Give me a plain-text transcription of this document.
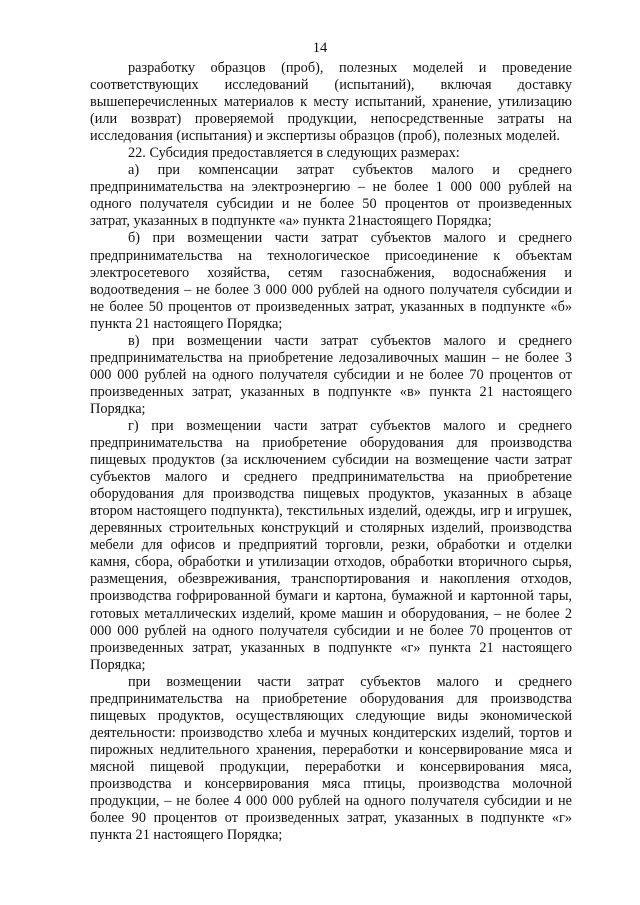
14

разработку образцов (проб), полезных моделей и проведение соответствующих исследований (испытаний), включая доставку вышеперечисленных материалов к месту испытаний, хранение, утилизацию (или возврат) проверяемой продукции, непосредственные затраты на исследования (испытания) и экспертизы образцов (проб), полезных моделей.

22. Субсидия предоставляется в следующих размерах:

а) при компенсации затрат субъектов малого и среднего предпринимательства на электроэнергию – не более 1 000 000 рублей на одного получателя субсидии и не более 50 процентов от произведенных затрат, указанных в подпункте «а» пункта 21настоящего Порядка;

б) при возмещении части затрат субъектов малого и среднего предпринимательства на технологическое присоединение к объектам электросетевого хозяйства, сетям газоснабжения, водоснабжения и водоотведения – не более 3 000 000 рублей на одного получателя субсидии и не более 50 процентов от произведенных затрат, указанных в подпункте «б» пункта 21 настоящего Порядка;

в) при возмещении части затрат субъектов малого и среднего предпринимательства на приобретение ледозаливочных машин – не более 3 000 000 рублей на одного получателя субсидии и не более 70 процентов от произведенных затрат, указанных в подпункте «в» пункта 21 настоящего Порядка;

г) при возмещении части затрат субъектов малого и среднего предпринимательства на приобретение оборудования для производства пищевых продуктов (за исключением субсидии на возмещение части затрат субъектов малого и среднего предпринимательства на приобретение оборудования для производства пищевых продуктов, указанных в абзаце втором настоящего подпункта), текстильных изделий, одежды, игр и игрушек, деревянных строительных конструкций и столярных изделий, производства мебели для офисов и предприятий торговли, резки, обработки и отделки камня, сбора, обработки и утилизации отходов, обработки вторичного сырья, размещения, обезвреживания, транспортирования и накопления отходов, производства гофрированной бумаги и картона, бумажной и картонной тары, готовых металлических изделий, кроме машин и оборудования, – не более 2 000 000 рублей на одного получателя субсидии и не более 70 процентов от произведенных затрат, указанных в подпункте «г» пункта 21 настоящего Порядка;

при возмещении части затрат субъектов малого и среднего предпринимательства на приобретение оборудования для производства пищевых продуктов, осуществляющих следующие виды экономической деятельности: производство хлеба и мучных кондитерских изделий, тортов и пирожных недлительного хранения, переработки и консервирование мяса и мясной пищевой продукции, переработки и консервирования мяса, производства и консервирования мяса птицы, производства молочной продукции, – не более 4 000 000 рублей на одного получателя субсидии и не более 90 процентов от произведенных затрат, указанных в подпункте «г» пункта 21 настоящего Порядка;
